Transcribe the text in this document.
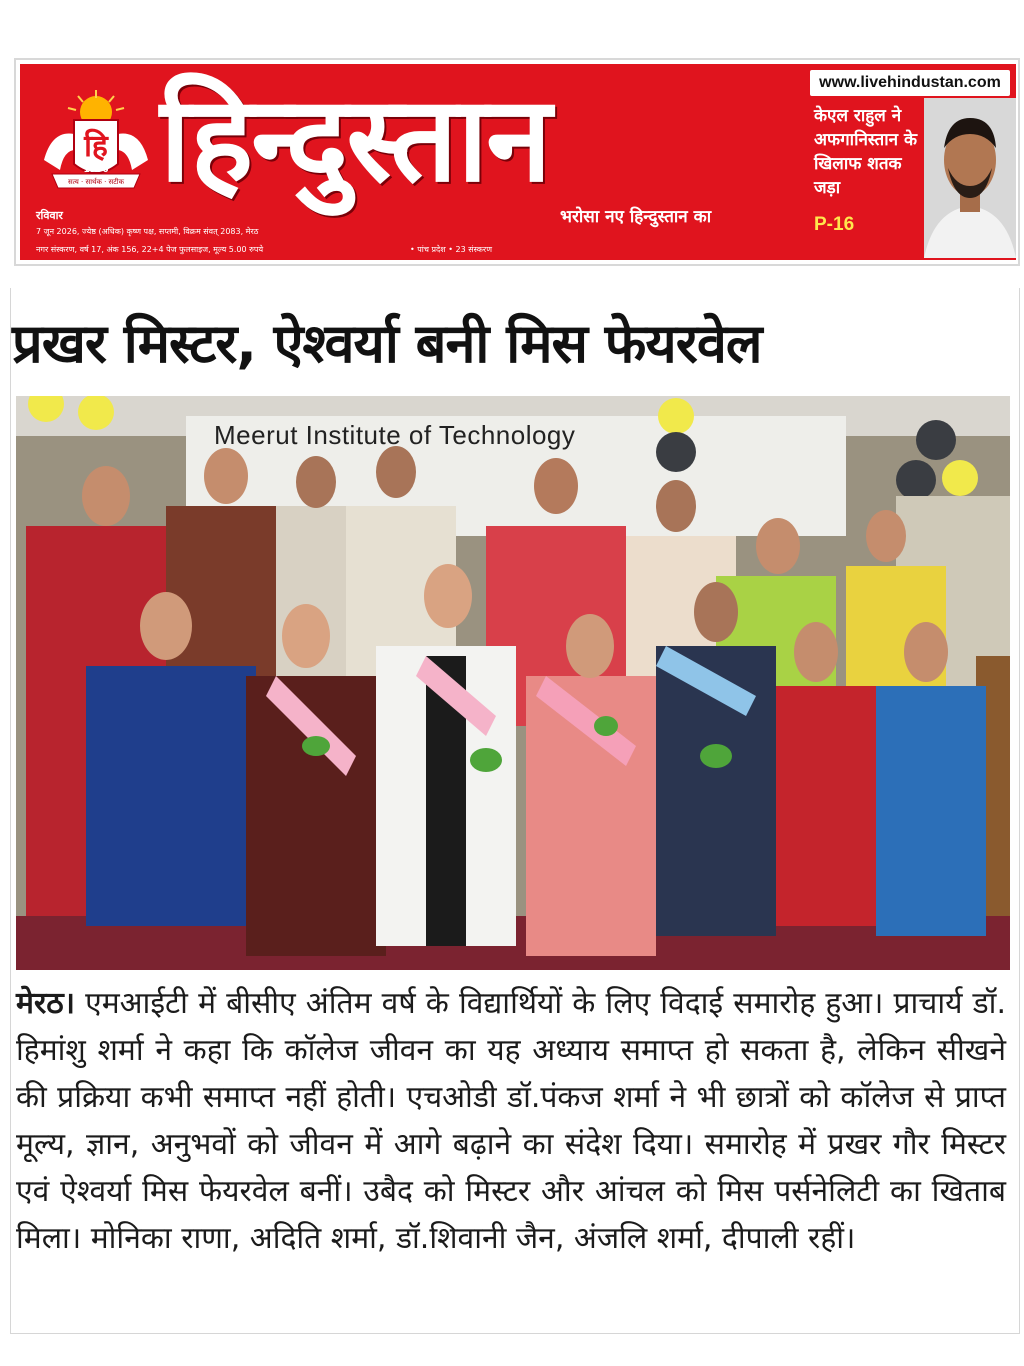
हि
1936
सत्य · सार्थक · सटीक हिन्दुस्तान
भरोसा नए हिन्दुस्तान का
रविवार
7 जून 2026, ज्येष्ठ (अधिक) कृष्ण पक्ष, सप्तमी, विक्रम संवत् 2083, मेरठ
नगर संस्करण, वर्ष 17, अंक 156, 22+4 पेज फुलसाइज, मूल्य 5.00 रुपये	• पांच प्रदेश • 23 संस्करण
www.livehindustan.com
केएल राहुल ने अफगानिस्तान के खिलाफ शतक जड़ा
P-16
प्रखर मिस्टर, ऐश्वर्या बनी मिस फेयरवेल
Meerut Institute of Technology

मेरठ। एमआईटी में बीसीए अंतिम वर्ष के विद्यार्थियों के लिए विदाई समारोह हुआ। प्राचार्य डॉ. हिमांशु शर्मा ने कहा कि कॉलेज जीवन का यह अध्याय समाप्त हो सकता है, लेकिन सीखने की प्रक्रिया कभी समाप्त नहीं होती। एचओडी डॉ.पंकज शर्मा ने भी छात्रों को कॉलेज से प्राप्त मूल्य, ज्ञान, अनुभवों को जीवन में आगे बढ़ाने का संदेश दिया। समारोह में प्रखर गौर मिस्टर एवं ऐश्वर्या मिस फेयरवेल बनीं। उबैद को मिस्टर और आंचल को मिस पर्सनेलिटी का खिताब मिला। मोनिका राणा, अदिति शर्मा, डॉ.शिवानी जैन, अंजलि शर्मा, दीपाली रहीं।
